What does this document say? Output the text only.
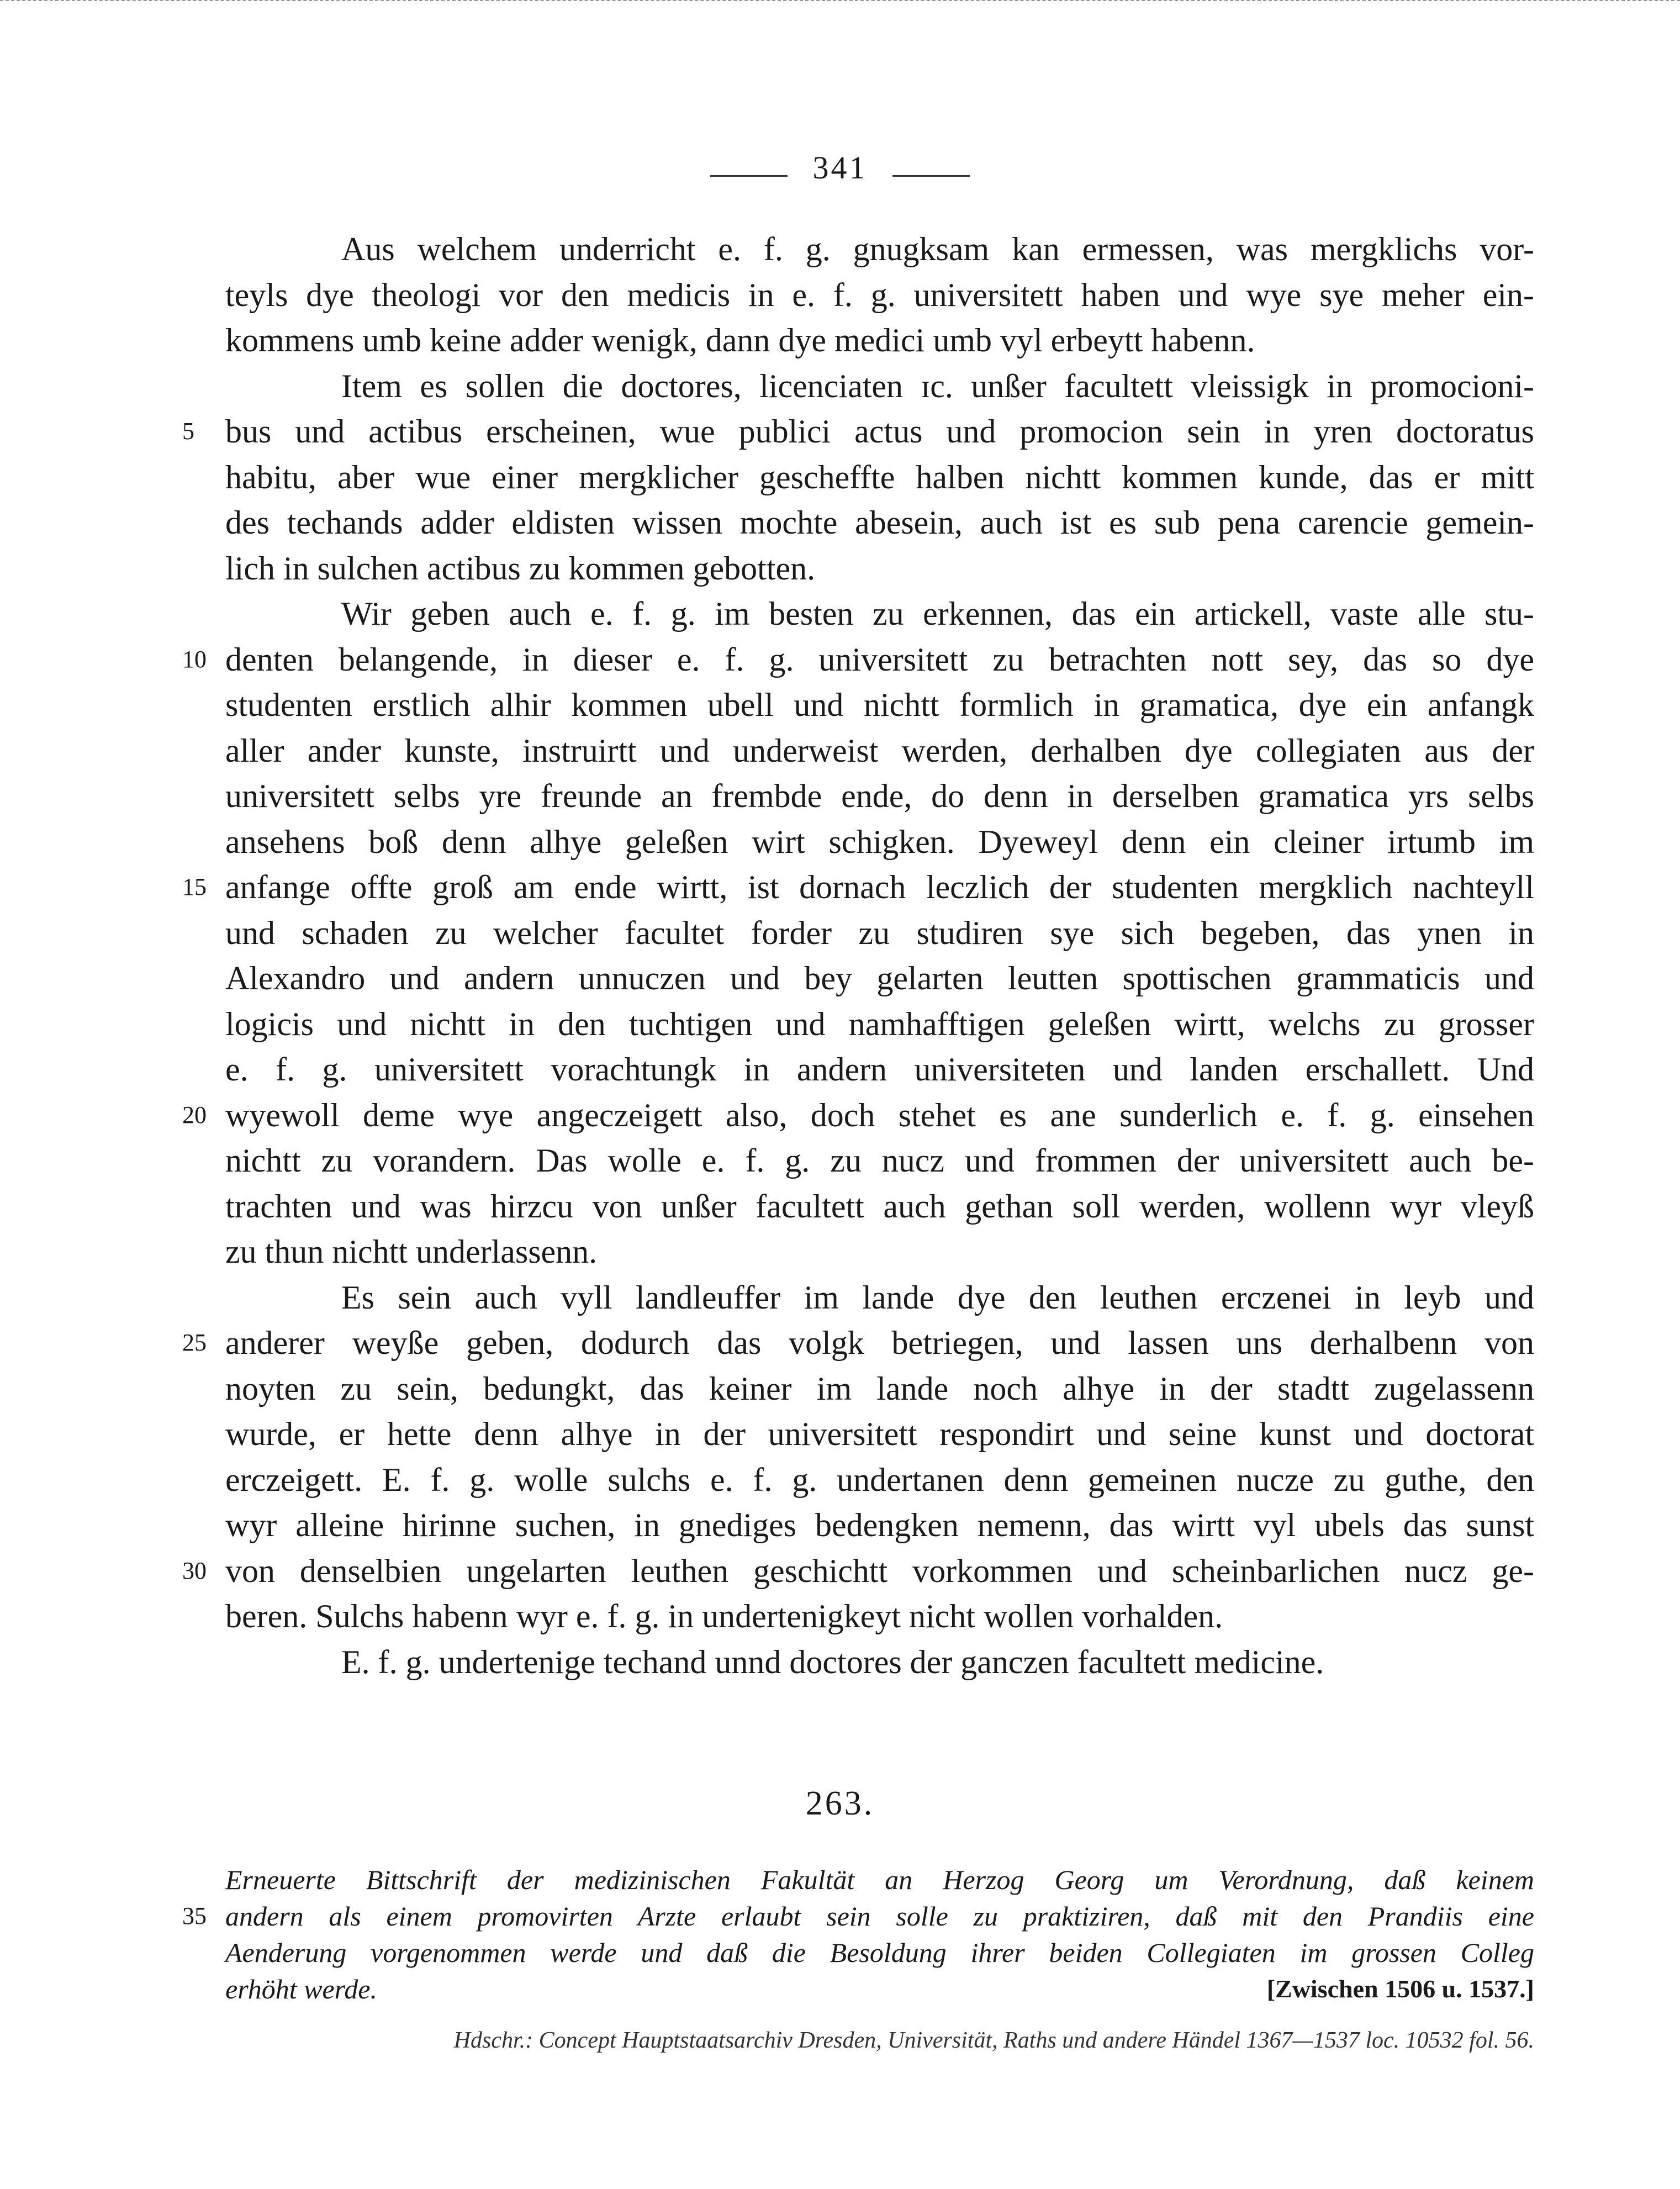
341
Aus welchem underricht e. f. g. gnugksam kan ermessen, was mergklichs vor-
teyls dye theologi vor den medicis in e. f. g. universitett haben und wye sye meher ein-
kommens umb keine adder wenigk, dann dye medici umb vyl erbeytt habenn.
Item es sollen die doctores, licenciaten ɪc. unßer facultett vleissigk in promocioni-
5 bus und actibus erscheinen, wue publici actus und promocion sein in yren doctoratus
habitu, aber wue einer mergklicher gescheffte halben nichtt kommen kunde, das er mitt
des techands adder eldisten wissen mochte abesein, auch ist es sub pena carencie gemein-
lich in sulchen actibus zu kommen gebotten.
Wir geben auch e. f. g. im besten zu erkennen, das ein artickell, vaste alle stu-
10 denten belangende, in dieser e. f. g. universitett zu betrachten nott sey, das so dye
studenten erstlich alhir kommen ubell und nichtt formlich in gramatica, dye ein anfangk
aller ander kunste, instruirtt und underweist werden, derhalben dye collegiaten aus der
universitett selbs yre freunde an frembde ende, do denn in derselben gramatica yrs selbs
ansehens boß denn alhye geleßen wirt schigken. Dyeweyl denn ein cleiner irtumb im
15 anfange offte groß am ende wirtt, ist dornach leczlich der studenten mergklich nachteyll
und schaden zu welcher facultet forder zu studiren sye sich begeben, das ynen in
Alexandro und andern unnuczen und bey gelarten leutten spottischen grammaticis und
logicis und nichtt in den tuchtigen und namhafftigen geleßen wirtt, welchs zu grosser
e. f. g. universitett vorachtungk in andern universiteten und landen erschallett. Und
20 wyewoll deme wye angeczeigett also, doch stehet es ane sunderlich e. f. g. einsehen
nichtt zu vorandern. Das wolle e. f. g. zu nucz und frommen der universitett auch be-
trachten und was hirzcu von unßer facultett auch gethan soll werden, wollenn wyr vleyß
zu thun nichtt underlassenn.
Es sein auch vyll landleuffer im lande dye den leuthen erczenei in leyb und
25 anderer weyße geben, dodurch das volgk betriegen, und lassen uns derhalbenn von
noyten zu sein, bedungkt, das keiner im lande noch alhye in der stadtt zugelassenn
wurde, er hette denn alhye in der universitett respondirt und seine kunst und doctorat
erczeigett. E. f. g. wolle sulchs e. f. g. undertanen denn gemeinen nucze zu guthe, den
wyr alleine hirinne suchen, in gnediges bedengken nemenn, das wirtt vyl ubels das sunst
30 von denselbien ungelarten leuthen geschichtt vorkommen und scheinbarlichen nucz ge-
beren. Sulchs habenn wyr e. f. g. in undertenigkeyt nicht wollen vorhalden.
E. f. g. undertenige techand unnd doctores der ganczen facultett medicine.
263.
Erneuerte Bittschrift der medizinischen Fakultät an Herzog Georg um Verordnung, daß keinem
35 andern als einem promovirten Arzte erlaubt sein solle zu praktiziren, daß mit den Prandiis eine
Aenderung vorgenommen werde und daß die Besoldung ihrer beiden Collegiaten im grossen Colleg
erhöht werde.	[Zwischen 1506 u. 1537.]
Hdschr.: Concept Hauptstaatsarchiv Dresden, Universität, Raths und andere Händel 1367—1537 loc. 10532 fol. 56.
